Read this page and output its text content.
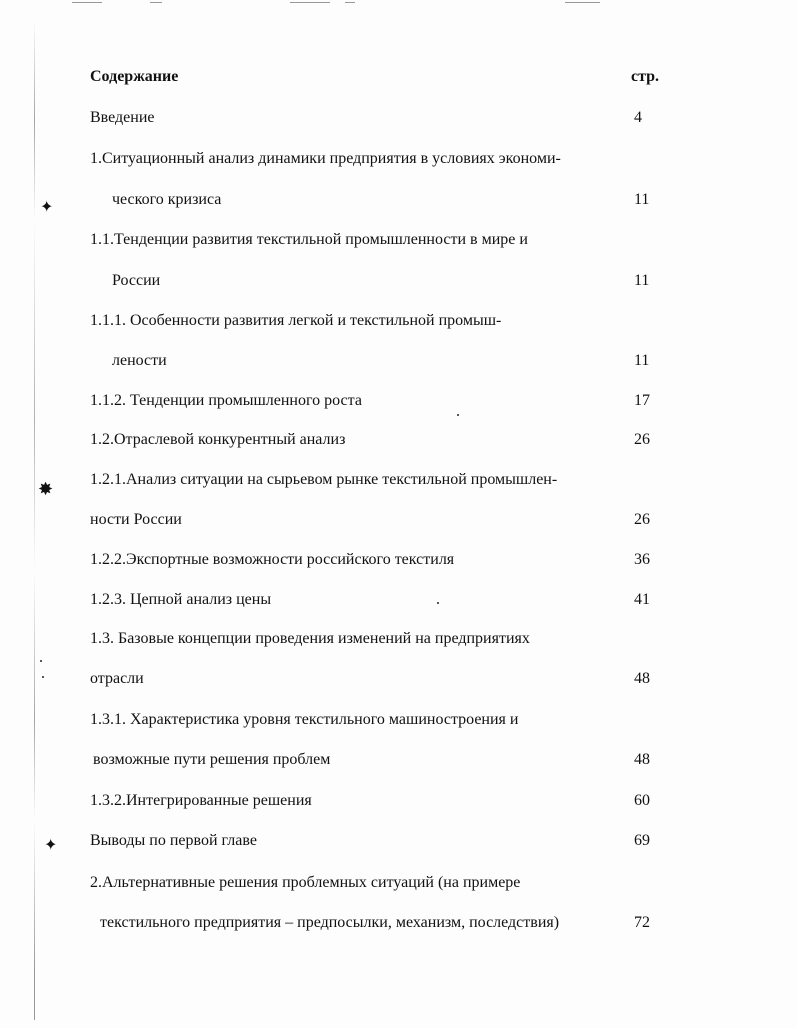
✦
✸
✦
Содержание	стр.
Введение	4
1.Ситуационный анализ динамики предприятия в условиях экономи-
ческого кризиса	11
1.1.Тенденции развития текстильной промышленности в мире и
России	11
1.1.1. Особенности развития легкой и текстильной промыш-
лености	11
1.1.2. Тенденции промышленного роста	17
1.2.Отраслевой конкурентный анализ	26
1.2.1.Анализ ситуации на сырьевом рынке текстильной промышлен-
ности России	26
1.2.2.Экспортные возможности российского текстиля	36
1.2.3. Цепной анализ цены	41
1.3. Базовые концепции проведения изменений на предприятиях
отрасли	48
1.3.1. Характеристика уровня текстильного машиностроения и
возможные пути решения проблем	48
1.3.2.Интегрированные решения	60
Выводы по первой главе	69
2.Альтернативные решения проблемных ситуаций (на примере
текстильного предприятия – предпосылки, механизм, последствия)	72
